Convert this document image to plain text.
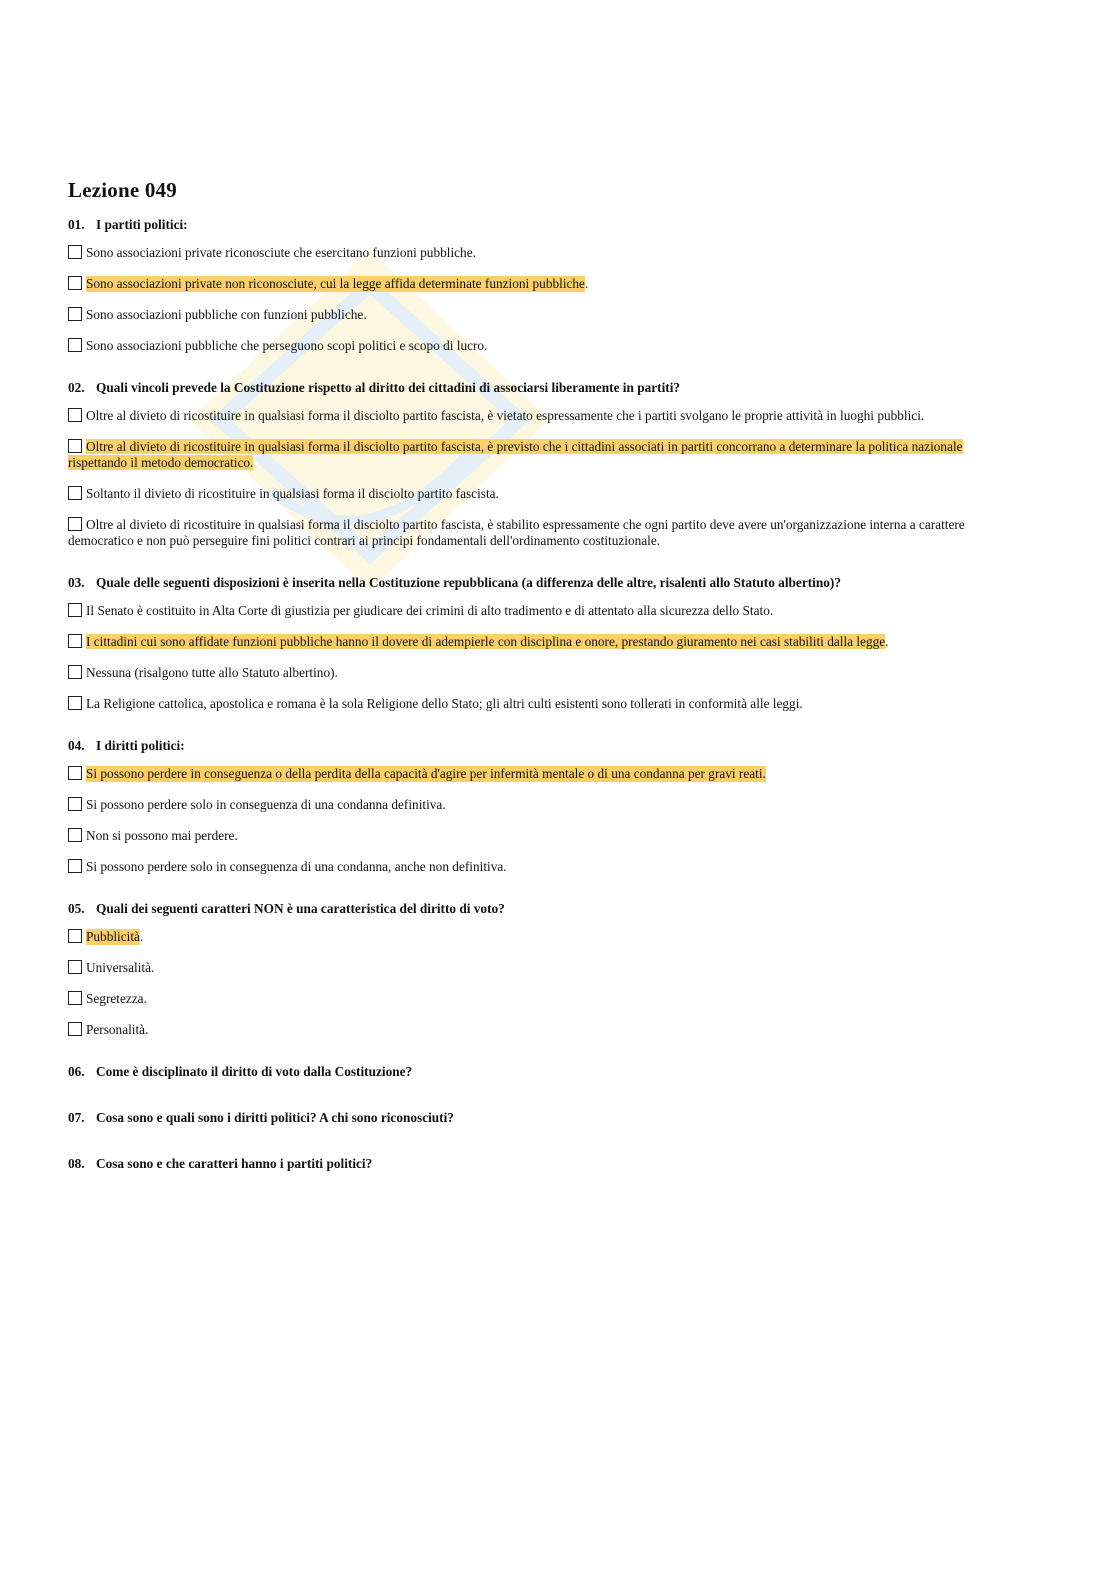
Lezione 049
01. I partiti politici:
Sono associazioni private riconosciute che esercitano funzioni pubbliche.
Sono associazioni private non riconosciute, cui la legge affida determinate funzioni pubbliche .
Sono associazioni pubbliche con funzioni pubbliche.
Sono associazioni pubbliche che perseguono scopi politici e scopo di lucro.
02. Quali vincoli prevede la Costituzione rispetto al diritto dei cittadini di associarsi liberamente in partiti?
Oltre al divieto di ricostituire in qualsiasi forma il disciolto partito fascista, è vietato espressamente che i partiti svolgano le proprie attività in luoghi pubblici.
Oltre al divieto di ricostituire in qualsiasi forma il disciolto partito fascista, è previsto che i cittadini associati in partiti concorrano a determinare la politica nazionale rispettando il metodo democratico.
Soltanto il divieto di ricostituire in qualsiasi forma il disciolto partito fascista.
Oltre al divieto di ricostituire in qualsiasi forma il disciolto partito fascista, è stabilito espressamente che ogni partito deve avere un'organizzazione interna a carattere democratico e non può perseguire fini politici contrari ai principi fondamentali dell'ordinamento costituzionale.
03. Quale delle seguenti disposizioni è inserita nella Costituzione repubblicana (a differenza delle altre, risalenti allo Statuto albertino)?
Il Senato è costituito in Alta Corte di giustizia per giudicare dei crimini di alto tradimento e di attentato alla sicurezza dello Stato.
I cittadini cui sono affidate funzioni pubbliche hanno il dovere di adempierle con disciplina e onore, prestando giuramento nei casi stabiliti dalla legge.
Nessuna (risalgono tutte allo Statuto albertino).
La Religione cattolica, apostolica e romana è la sola Religione dello Stato; gli altri culti esistenti sono tollerati in conformità alle leggi.
04. I diritti politici:
Si possono perdere in conseguenza o della perdita della capacità d'agire per infermità mentale o di una condanna per gravi reati.
Si possono perdere solo in conseguenza di una condanna definitiva.
Non si possono mai perdere.
Si possono perdere solo in conseguenza di una condanna, anche non definitiva.
05. Quali dei seguenti caratteri NON è una caratteristica del diritto di voto?
Pubblicità .
Universalità.
Segretezza.
Personalità.
06. Come è disciplinato il diritto di voto dalla Costituzione?
07. Cosa sono e quali sono i diritti politici? A chi sono riconosciuti?
08. Cosa sono e che caratteri hanno i partiti politici?
